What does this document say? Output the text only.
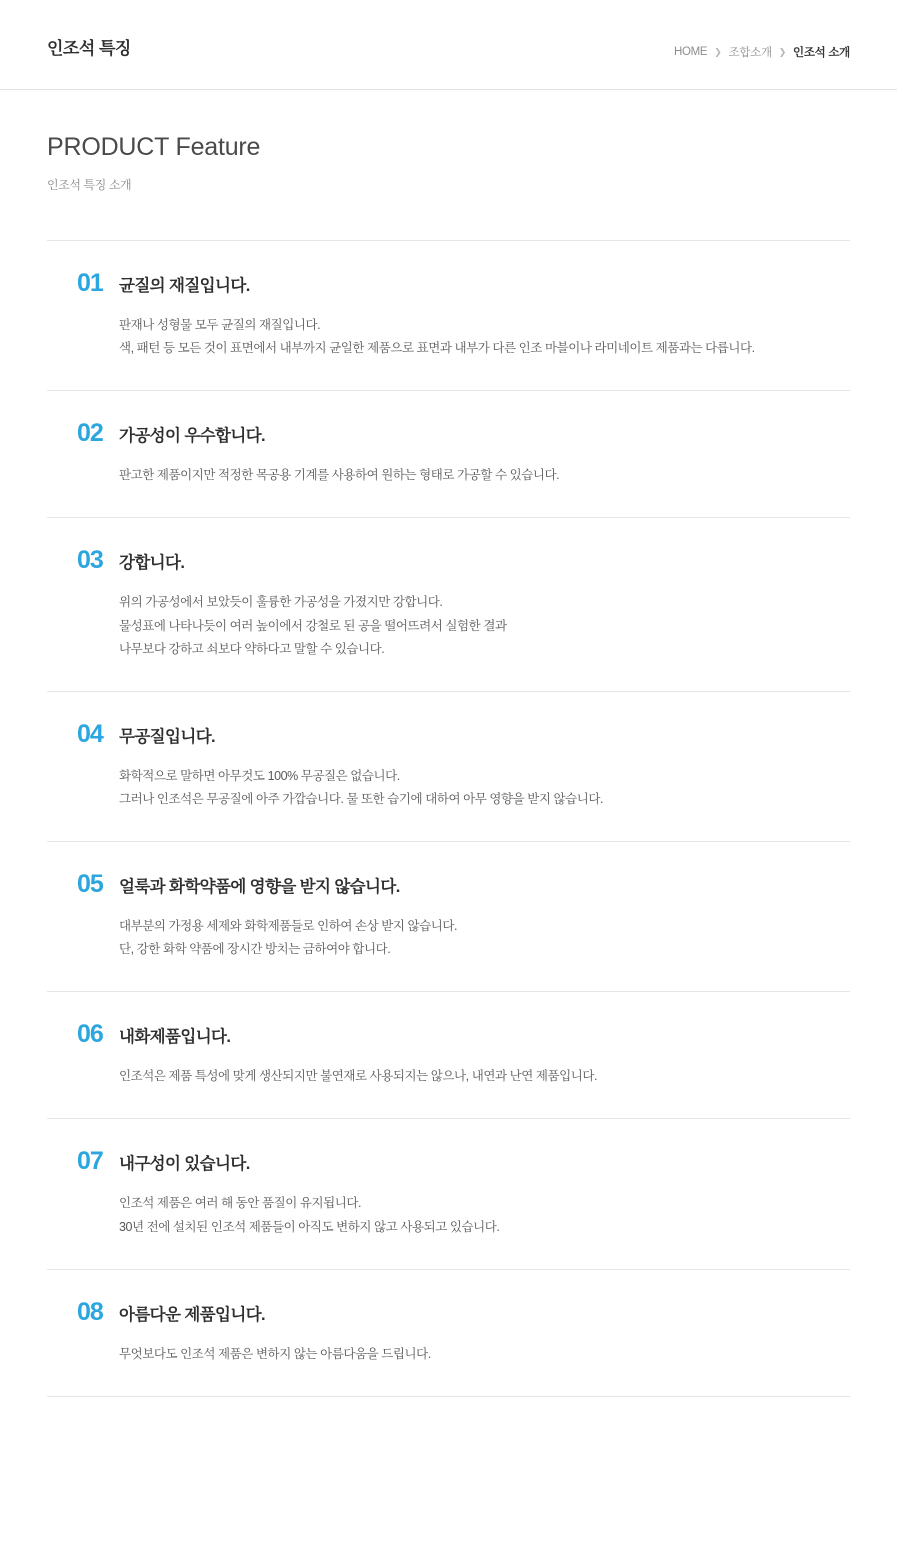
인조석 특징	HOME ❯ 조합소개 ❯ 인조석 소개
PRODUCT Feature
인조석 특징 소개
01 균질의 재질입니다.

판재나 성형물 모두 균질의 재질입니다.

색, 패턴 등 모든 것이 표면에서 내부까지 균일한 제품으로 표면과 내부가 다른 인조 마블이나 라미네이트 제품과는 다릅니다.

02 가공성이 우수합니다.

판고한 제품이지만 적정한 목공용 기계를 사용하여 원하는 형태로 가공할 수 있습니다.

03 강합니다.

위의 가공성에서 보았듯이 훌륭한 가공성을 가졌지만 강합니다.

물성표에 나타나듯이 여러 높이에서 강철로 된 공을 떨어뜨려서 실험한 결과

나무보다 강하고 쇠보다 약하다고 말할 수 있습니다.

04 무공질입니다.

화학적으로 말하면 아무것도 100% 무공질은 없습니다.

그러나 인조석은 무공질에 아주 가깝습니다. 물 또한 습기에 대하여 아무 영향을 받지 않습니다.

05 얼룩과 화학약품에 영향을 받지 않습니다.

대부분의 가정용 세제와 화학제품들로 인하여 손상 받지 않습니다.

단, 강한 화학 약품에 장시간 방치는 금하여야 합니다.

06 내화제품입니다.

인조석은 제품 특성에 맞게 생산되지만 불연재로 사용되지는 않으나, 내연과 난연 제품입니다.

07 내구성이 있습니다.

인조석 제품은 여러 해 동안 품질이 유지됩니다.

30년 전에 설치된 인조석 제품들이 아직도 변하지 않고 사용되고 있습니다.

08 아름다운 제품입니다.

무엇보다도 인조석 제품은 변하지 않는 아름다움을 드립니다.
